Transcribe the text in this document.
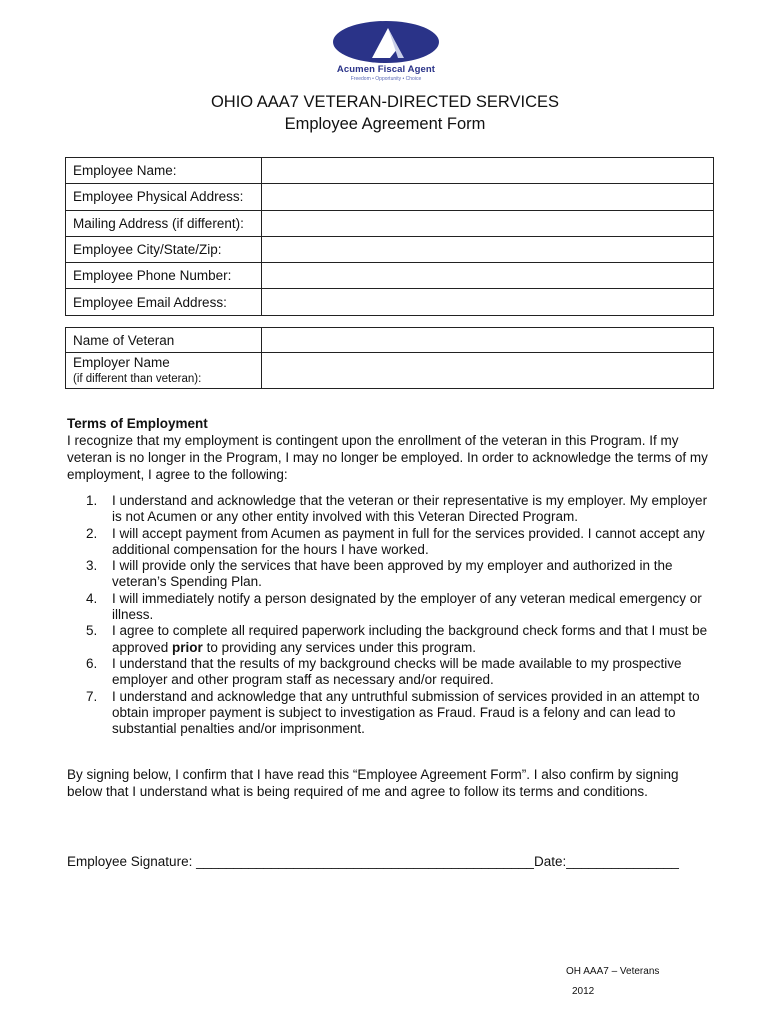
Acumen Fiscal Agent
Freedom • Opportunity • Choice
OHIO AAA7 VETERAN-DIRECTED SERVICES
Employee Agreement Form
Employee Name:	
Employee Physical Address:	
Mailing Address (if different):	
Employee City/State/Zip:	
Employee Phone Number:	
Employee Email Address:	
Name of Veteran	

Employer Name
(if different than veteran):	

Terms of Employment
I recognize that my employment is contingent upon the enrollment of the veteran in this Program. If my veteran is no longer in the Program, I may no longer be employed. In order to acknowledge the terms of my employment, I agree to the following:
1. I understand and acknowledge that the veteran or their representative is my employer. My employer is not Acumen or any other entity involved with this Veteran Directed Program.
2. I will accept payment from Acumen as payment in full for the services provided. I cannot accept any additional compensation for the hours I have worked.
3. I will provide only the services that have been approved by my employer and authorized in the veteran’s Spending Plan.
4. I will immediately notify a person designated by the employer of any veteran medical emergency or illness.
5. I agree to complete all required paperwork including the background check forms and that I must be approved prior to providing any services under this program.
6. I understand that the results of my background checks will be made available to my prospective employer and other program staff as necessary and/or required.
7. I understand and acknowledge that any untruthful submission of services provided in an attempt to obtain improper payment is subject to investigation as Fraud. Fraud is a felony and can lead to substantial penalties and/or imprisonment.
By signing below, I confirm that I have read this “Employee Agreement Form”. I also confirm by signing below that I understand what is being required of me and agree to follow its terms and conditions.
Employee Signature: _____________________________________________Date:_______________
OH AAA7 – Veterans
2012
